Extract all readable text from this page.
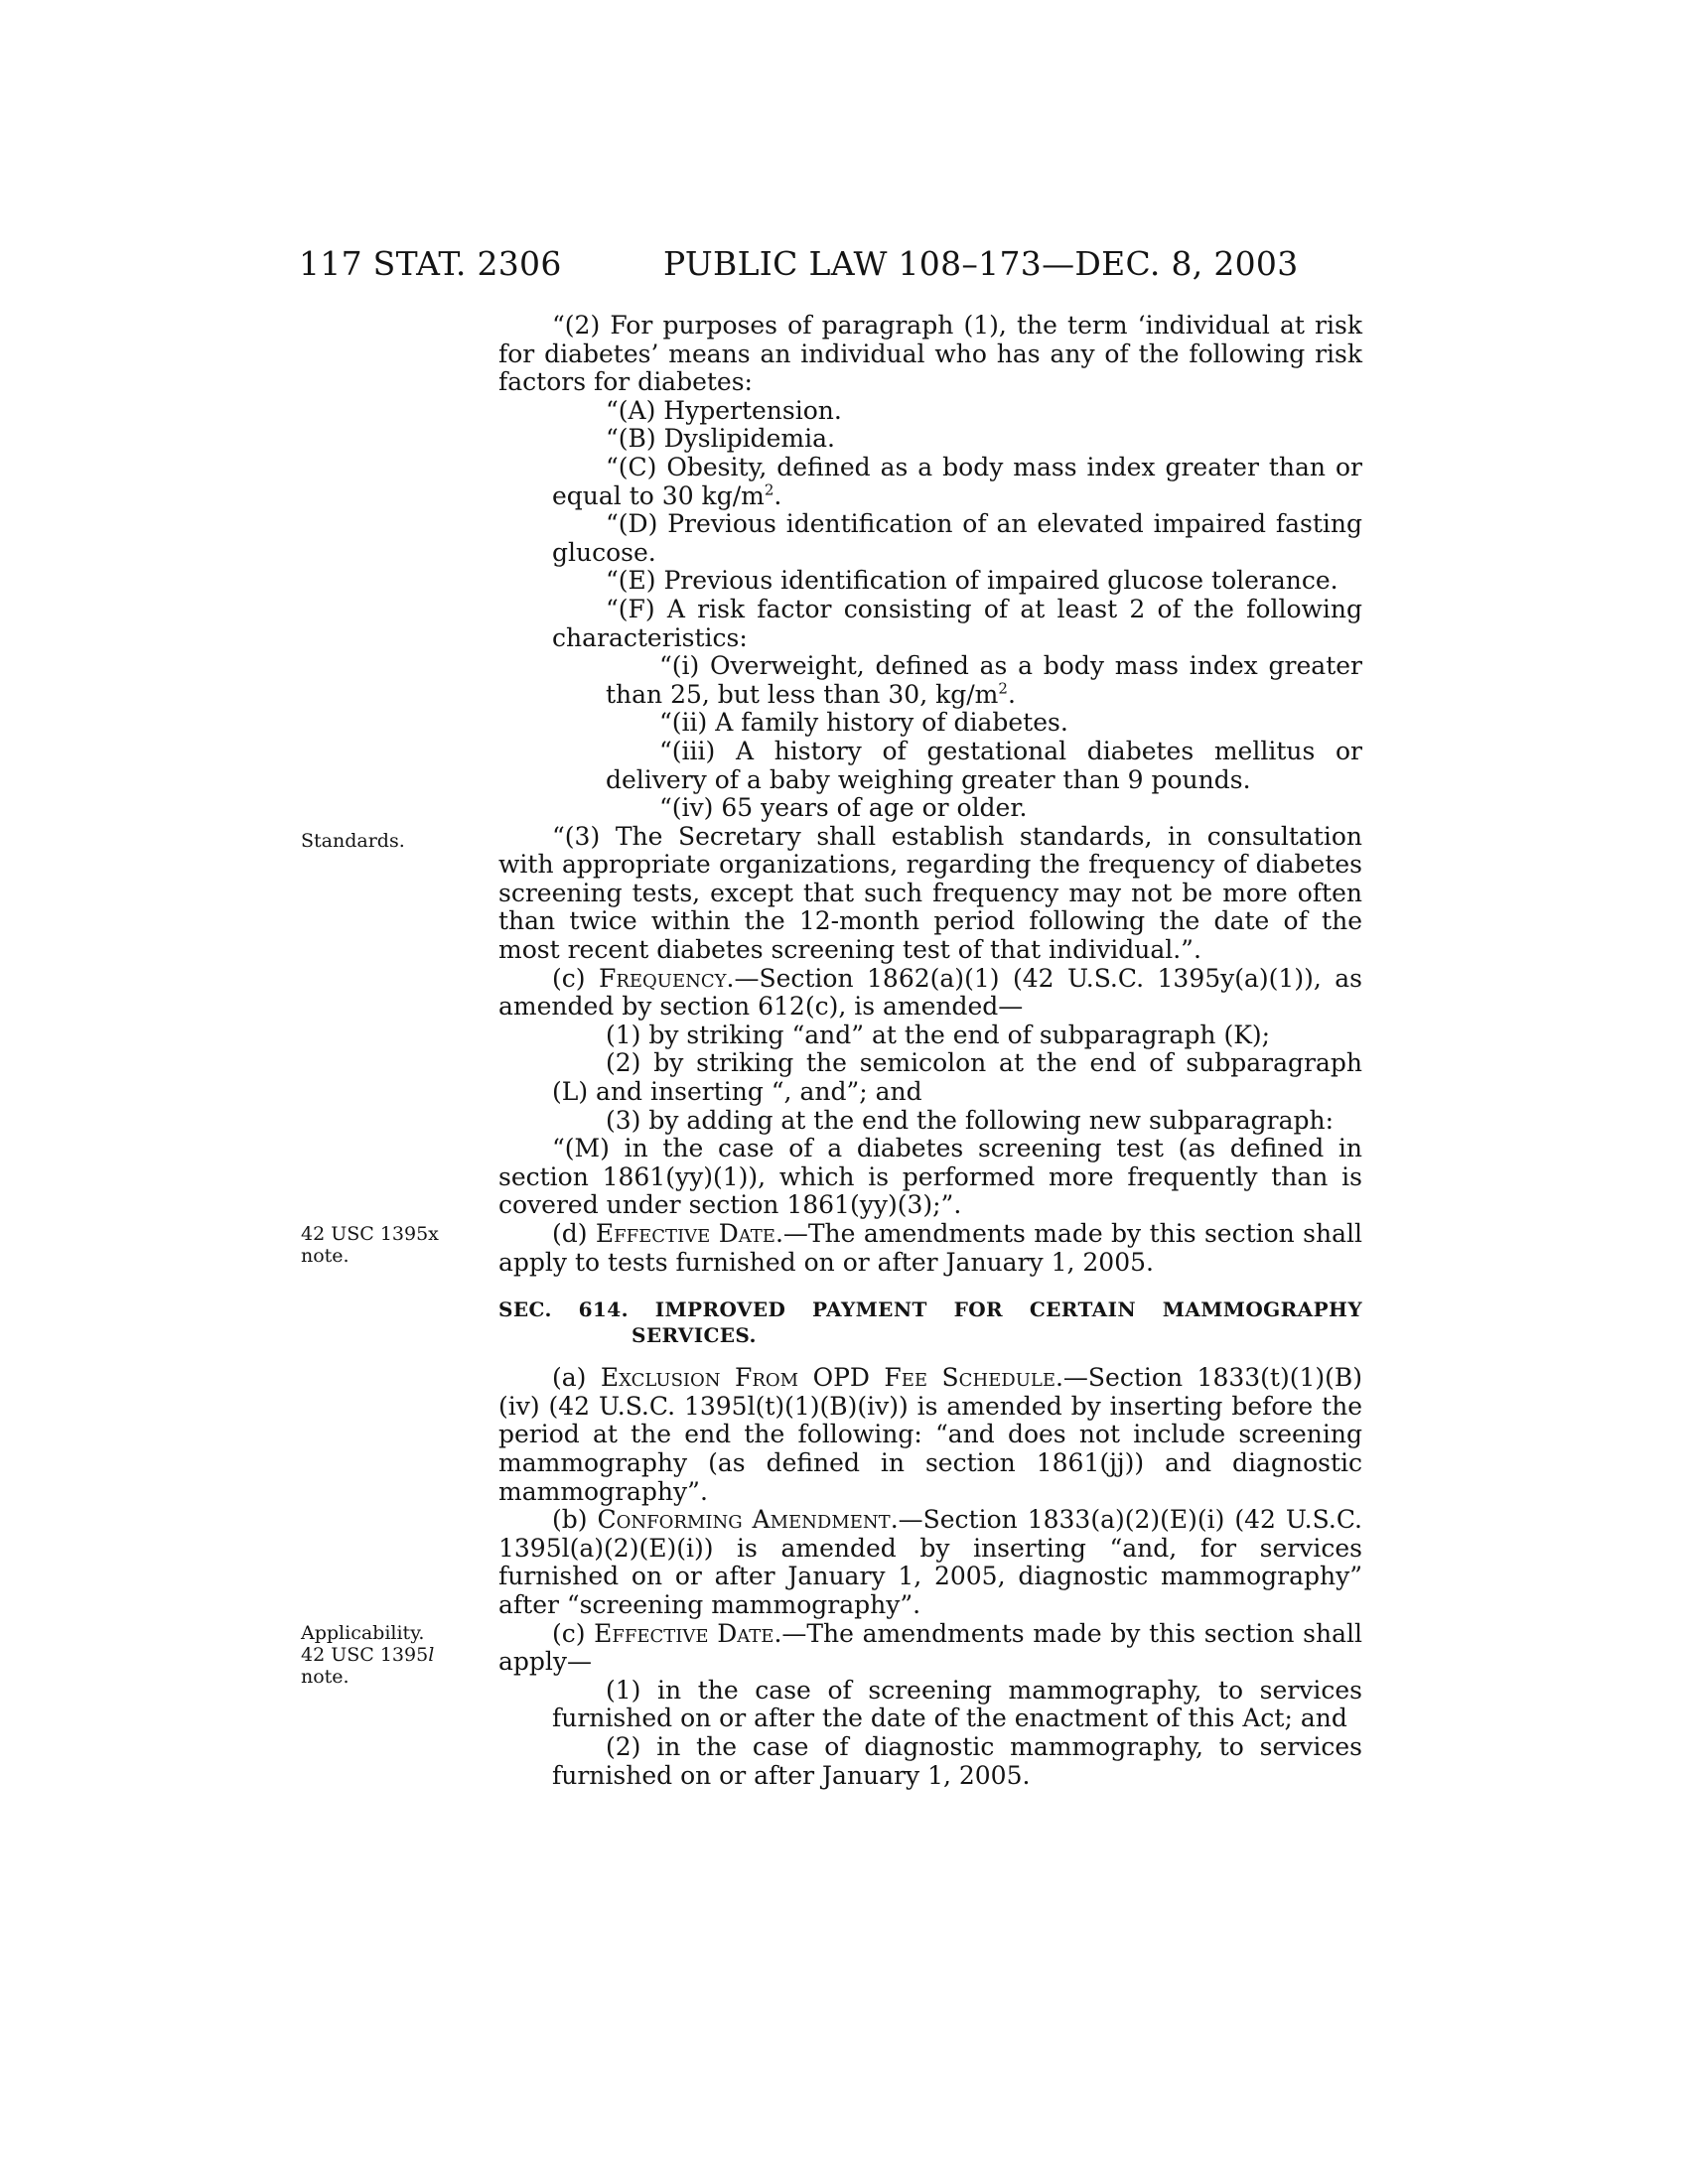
117 STAT. 2306	PUBLIC LAW 108–173—DEC. 8, 2003
Standards.
42 USC 1395x
note.
Applicability.
42 USC 1395l
note.

“(2) For purposes of paragraph (1), the term ‘individual at risk for diabetes’ means an individual who has any of the following risk factors for diabetes:

“(A) Hypertension.

“(B) Dyslipidemia.

“(C) Obesity, defined as a body mass index greater than or equal to 30 $kg/m^2$.

“(D) Previous identification of an elevated impaired fasting glucose.

“(E) Previous identification of impaired glucose tolerance.

“(F) A risk factor consisting of at least 2 of the following characteristics:

“(i) Overweight, defined as a body mass index greater than 25, but less than 30, $kg/m^2$.

“(ii) A family history of diabetes.

“(iii) A history of gestational diabetes mellitus or delivery of a baby weighing greater than 9 pounds.

“(iv) 65 years of age or older.

“(3) The Secretary shall establish standards, in consultation with appropriate organizations, regarding the frequency of diabetes screening tests, except that such frequency may not be more often than twice within the 12-month period following the date of the most recent diabetes screening test of that individual.”.

(c) Frequency.—Section 1862(a)(1) (42 U.S.C. 1395y(a)(1)), as amended by section 612(c), is amended—

(1) by striking “and” at the end of subparagraph (K);

(2) by striking the semicolon at the end of subparagraph (L) and inserting “, and”; and

(3) by adding at the end the following new subparagraph:

“(M) in the case of a diabetes screening test (as defined in section 1861(yy)(1)), which is performed more frequently than is covered under section 1861(yy)(3);”.

(d) Effective Date.—The amendments made by this section shall apply to tests furnished on or after January 1, 2005.

SEC. 614. IMPROVED PAYMENT FOR CERTAIN MAMMOGRAPHY SERVICES.

(a) Exclusion From OPD Fee Schedule.—Section 1833(t)(1)(B)(iv) (42 U.S.C. 1395l(t)(1)(B)(iv)) is amended by inserting before the period at the end the following: “and does not include screening mammography (as defined in section 1861(jj)) and diagnostic mammography”.

(b) Conforming Amendment.—Section 1833(a)(2)(E)(i) (42 U.S.C. 1395l(a)(2)(E)(i)) is amended by inserting “and, for services furnished on or after January 1, 2005, diagnostic mammography” after “screening mammography”.

(c) Effective Date.—The amendments made by this section shall apply—

(1) in the case of screening mammography, to services furnished on or after the date of the enactment of this Act; and

(2) in the case of diagnostic mammography, to services furnished on or after January 1, 2005.
